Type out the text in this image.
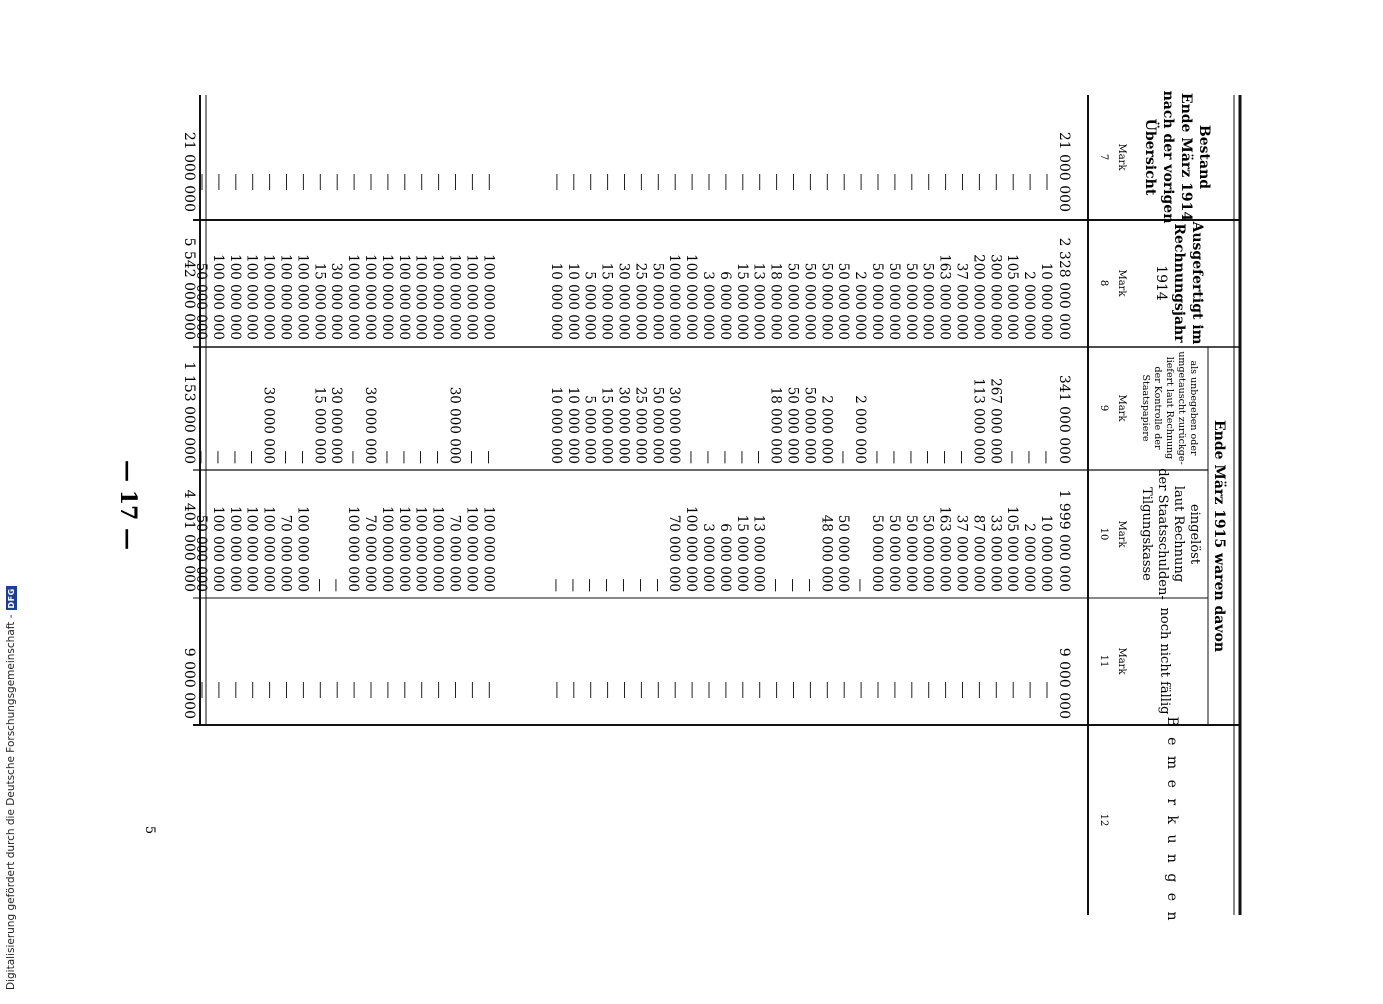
— 17 —
Bestand
Ende März 1914
nach der vorigen
Übersicht
Ausgefertigt im
Rechnungsjahr
1914
Ende März 1915 waren davon
als unbegeben oder
umgetauscht zurückge-
liefert laut Rechnung
der Kontrolle der
Staatspapiere
eingelöst
laut Rechnung
der Staatsschulden-
Tilgungskasse
noch nicht fällig
B e m e r k u n g e n
Mark
Mark
Mark
Mark
Mark
7
8
9
10
11
12
21 000 000
2 328 000 000
341 000 000
1 999 000 000
9 000 000
10 000 000
—
10 000 000
2 000 000
—
2 000 000
105 000 000
—
105 000 000
300 000 000
267 000 000
33 000 000
200 000 000
113 000 000
87 000 000
37 000 000
—
37 000 000
163 000 000
—
163 000 000
50 000 000
—
50 000 000
50 000 000
—
50 000 000
50 000 000
—
50 000 000
50 000 000
—
50 000 000
2 000 000
2 000 000
—
50 000 000
—
50 000 000
50 000 000
2 000 000
48 000 000
50 000 000
50 000 000
—
50 000 000
50 000 000
—
18 000 000
18 000 000
—
13 000 000
—
13 000 000
15 000 000
—
15 000 000
6 000 000
—
6 000 000
3 000 000
—
3 000 000
100 000 000
—
100 000 000
100 000 000
30 000 000
70 000 000
50 000 000
50 000 000
—
25 000 000
25 000 000
—
30 000 000
30 000 000
—
15 000 000
15 000 000
—
5 000 000
5 000 000
—
10 000 000
10 000 000
—
10 000 000
10 000 000
—
100 000 000
—
100 000 000
100 000 000
—
100 000 000
100 000 000
30 000 000
70 000 000
100 000 000
—
100 000 000
100 000 000
—
100 000 000
100 000 000
—
100 000 000
100 000 000
—
100 000 000
100 000 000
30 000 000
70 000 000
100 000 000
—
100 000 000
30 000 000
30 000 000
—
15 000 000
15 000 000
—
100 000 000
—
100 000 000
100 000 000
—
70 000 000
100 000 000
30 000 000
100 000 000
100 000 000
—
100 000 000
100 000 000
—
100 000 000
100 000 000
—
100 000 000
50 000 000
—
50 000 000
21 000 000
5 542 000 000
1 153 000 000
4 401 000 000
9 000 000
5
Digitalisierung gefördert durch die Deutsche Forschungsgemeinschaft -
DFG
